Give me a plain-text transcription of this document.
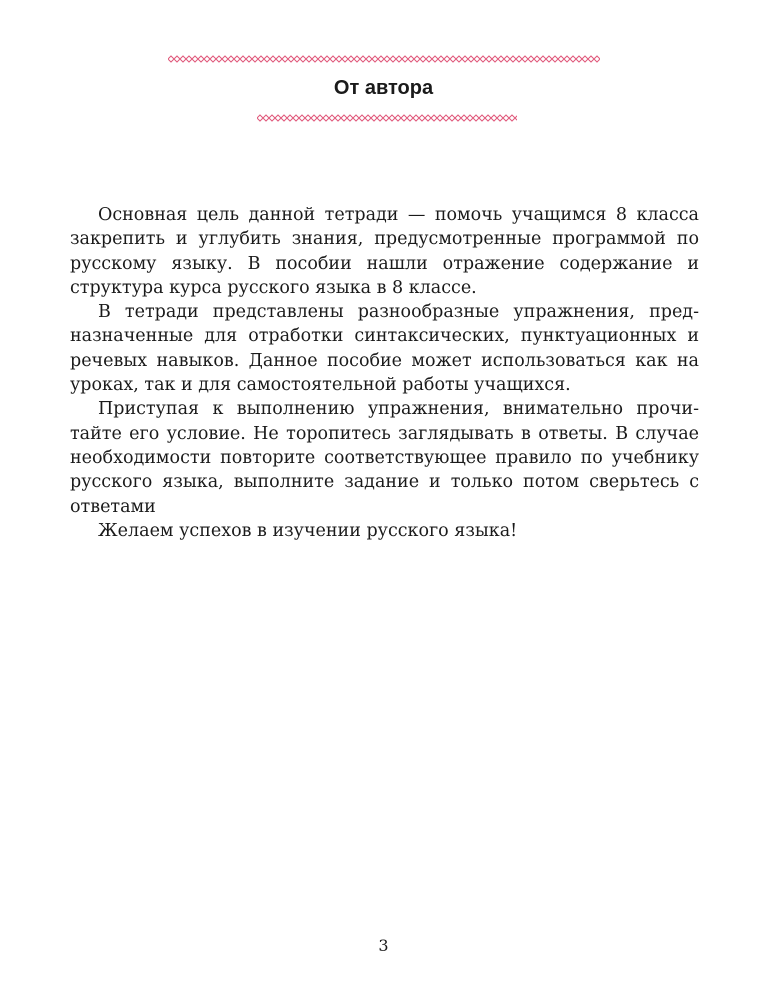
От автора

Основная цель данной тетради — помочь учащимся 8 класса закрепить и углубить знания, предусмотренные программой по русскому языку. В пособии нашли отражение содержание и структура курса русского языка в 8 классе.

В тетради представлены разнообразные упражнения, предназначенные для отработки синтаксических, пунктуационных и речевых навыков. Данное пособие может использоваться как на уроках, так и для самостоятельной работы учащихся.

Приступая к выполнению упражнения, внимательно прочитайте его условие. Не торопитесь заглядывать в ответы. В случае необходимости повторите соответствующее правило по учебнику русского языка, выполните задание и только потом сверьтесь с ответами

Желаем успехов в изучении русского языка!

3
